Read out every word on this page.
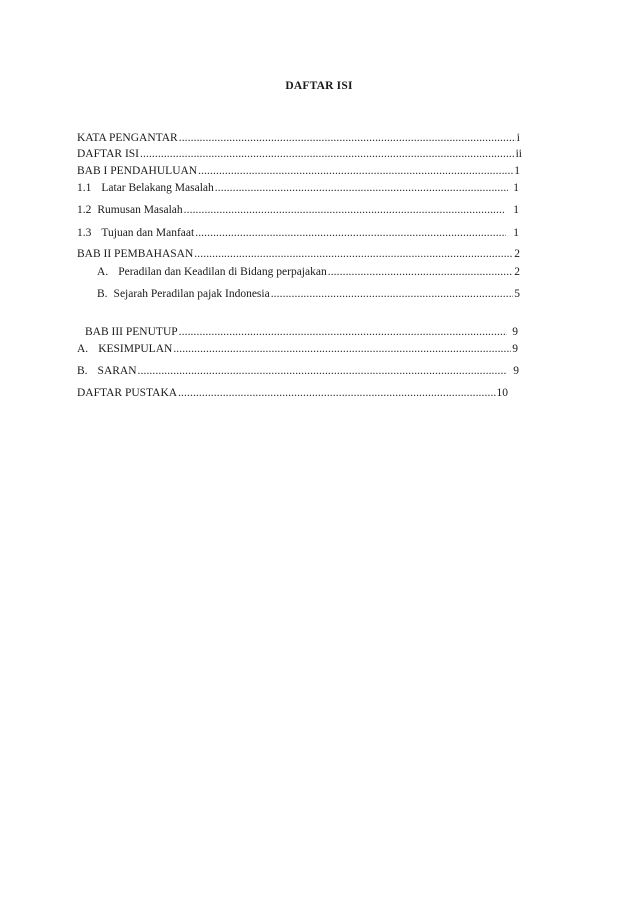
DAFTAR ISI
KATA PENGANTAR .....	i
DAFTAR ISI .....	ii
BAB I PENDAHULUAN .....	1
1.1 Latar Belakang Masalah .....	1
1.2 Rumusan Masalah .....	1
1.3 Tujuan dan Manfaat .....	1
BAB II PEMBAHASAN .....	2
A. Peradilan dan Keadilan di Bidang perpajakan .....	2
B. Sejarah Peradilan pajak Indonesia .....	5
BAB III PENUTUP .....	9
A. KESIMPULAN .....	9
B. SARAN .....	9
DAFTAR PUSTAKA .....	10
